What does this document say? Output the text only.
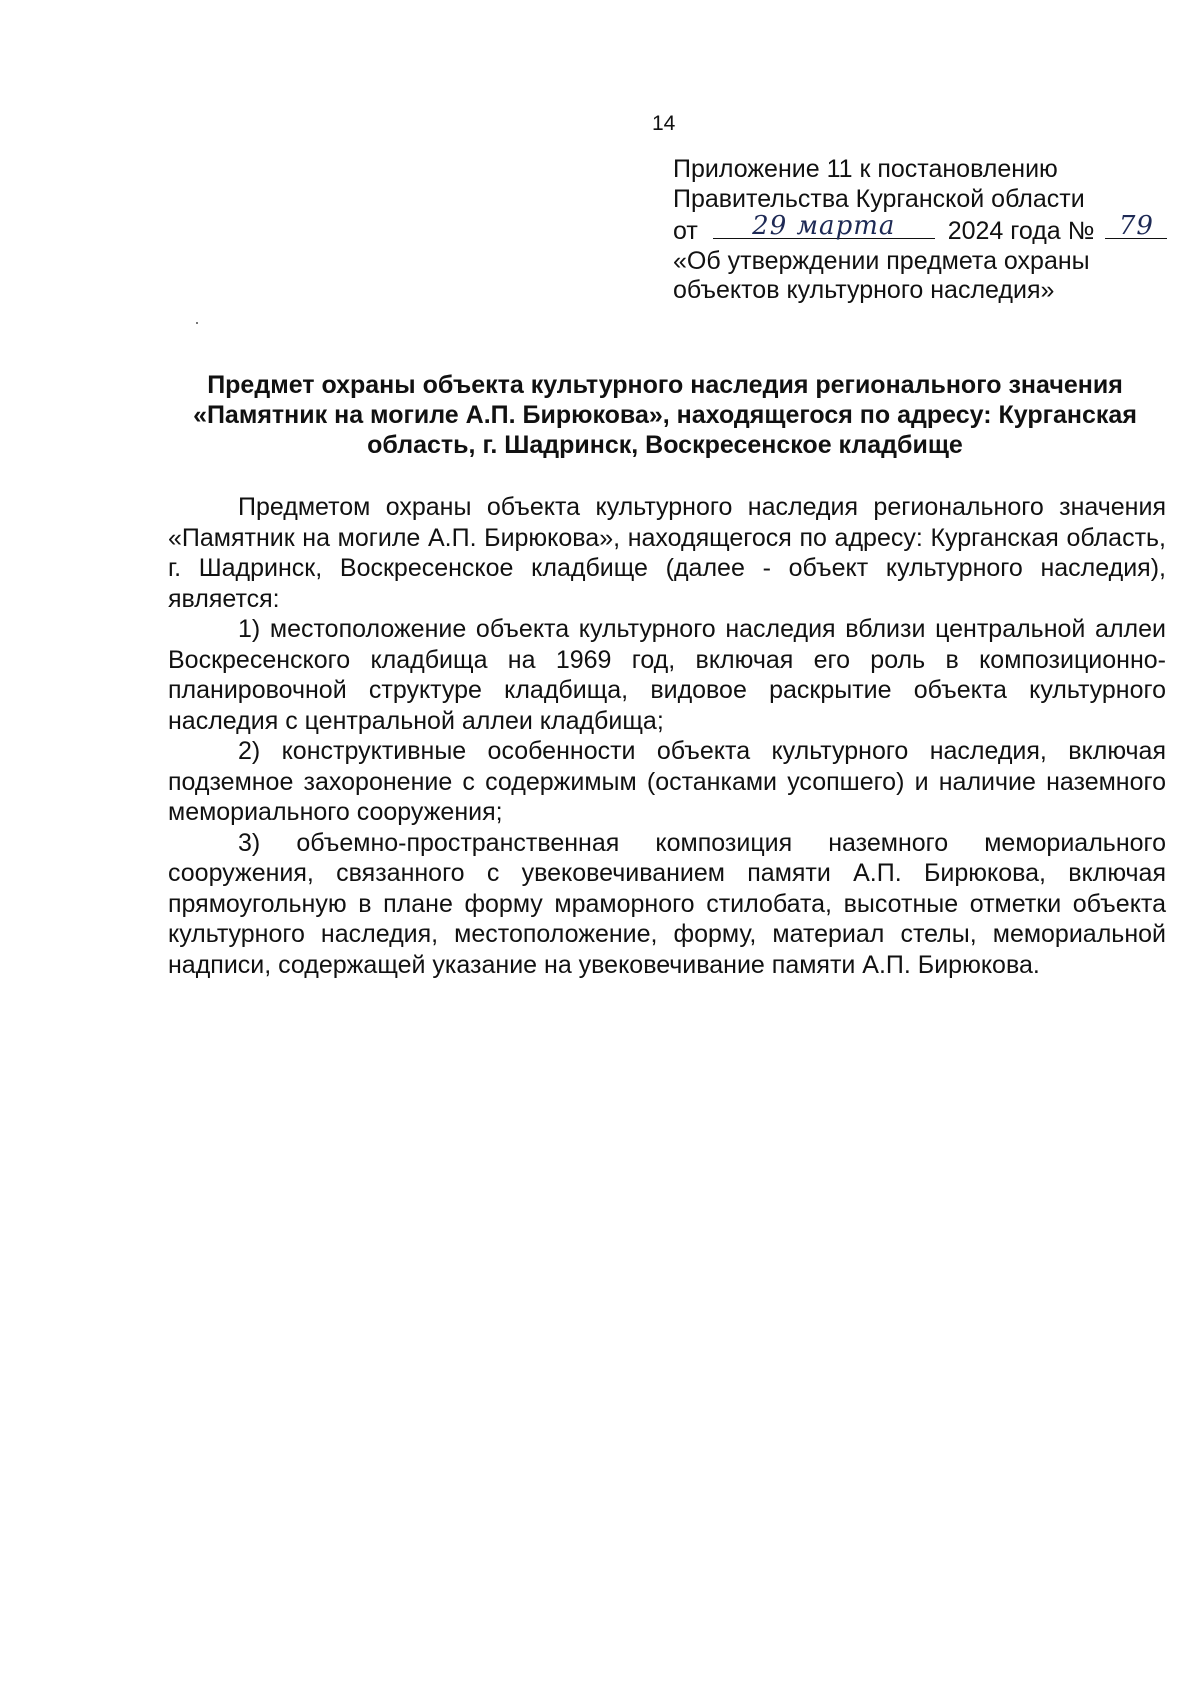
14
Приложение 11 к постановлению
Правительства Курганской области
от	29 марта	2024 года № 79
«Об утверждении предмета охраны
объектов культурного наследия»
Предмет охраны объекта культурного наследия регионального значения
«Памятник на могиле А.П. Бирюкова», находящегося по адресу: Курганская
область, г. Шадринск, Воскресенское кладбище

Предметом охраны объекта культурного наследия регионального значения «Памятник на могиле А.П. Бирюкова», находящегося по адресу: Курганская область, г. Шадринск, Воскресенское кладбище (далее - объект культурного наследия), является:

1) местоположение объекта культурного наследия вблизи центральной аллеи Воскресенского кладбища на 1969 год, включая его роль в композиционно-планировочной структуре кладбища, видовое раскрытие объекта культурного наследия с центральной аллеи кладбища;

2) конструктивные особенности объекта культурного наследия, включая подземное захоронение с содержимым (останками усопшего) и наличие наземного мемориального сооружения;

3) объемно-пространственная композиция наземного мемориального сооружения, связанного с увековечиванием памяти А.П. Бирюкова, включая прямоугольную в плане форму мраморного стилобата, высотные отметки объекта культурного наследия, местоположение, форму, материал стелы, мемориальной надписи, содержащей указание на увековечивание памяти А.П. Бирюкова.
